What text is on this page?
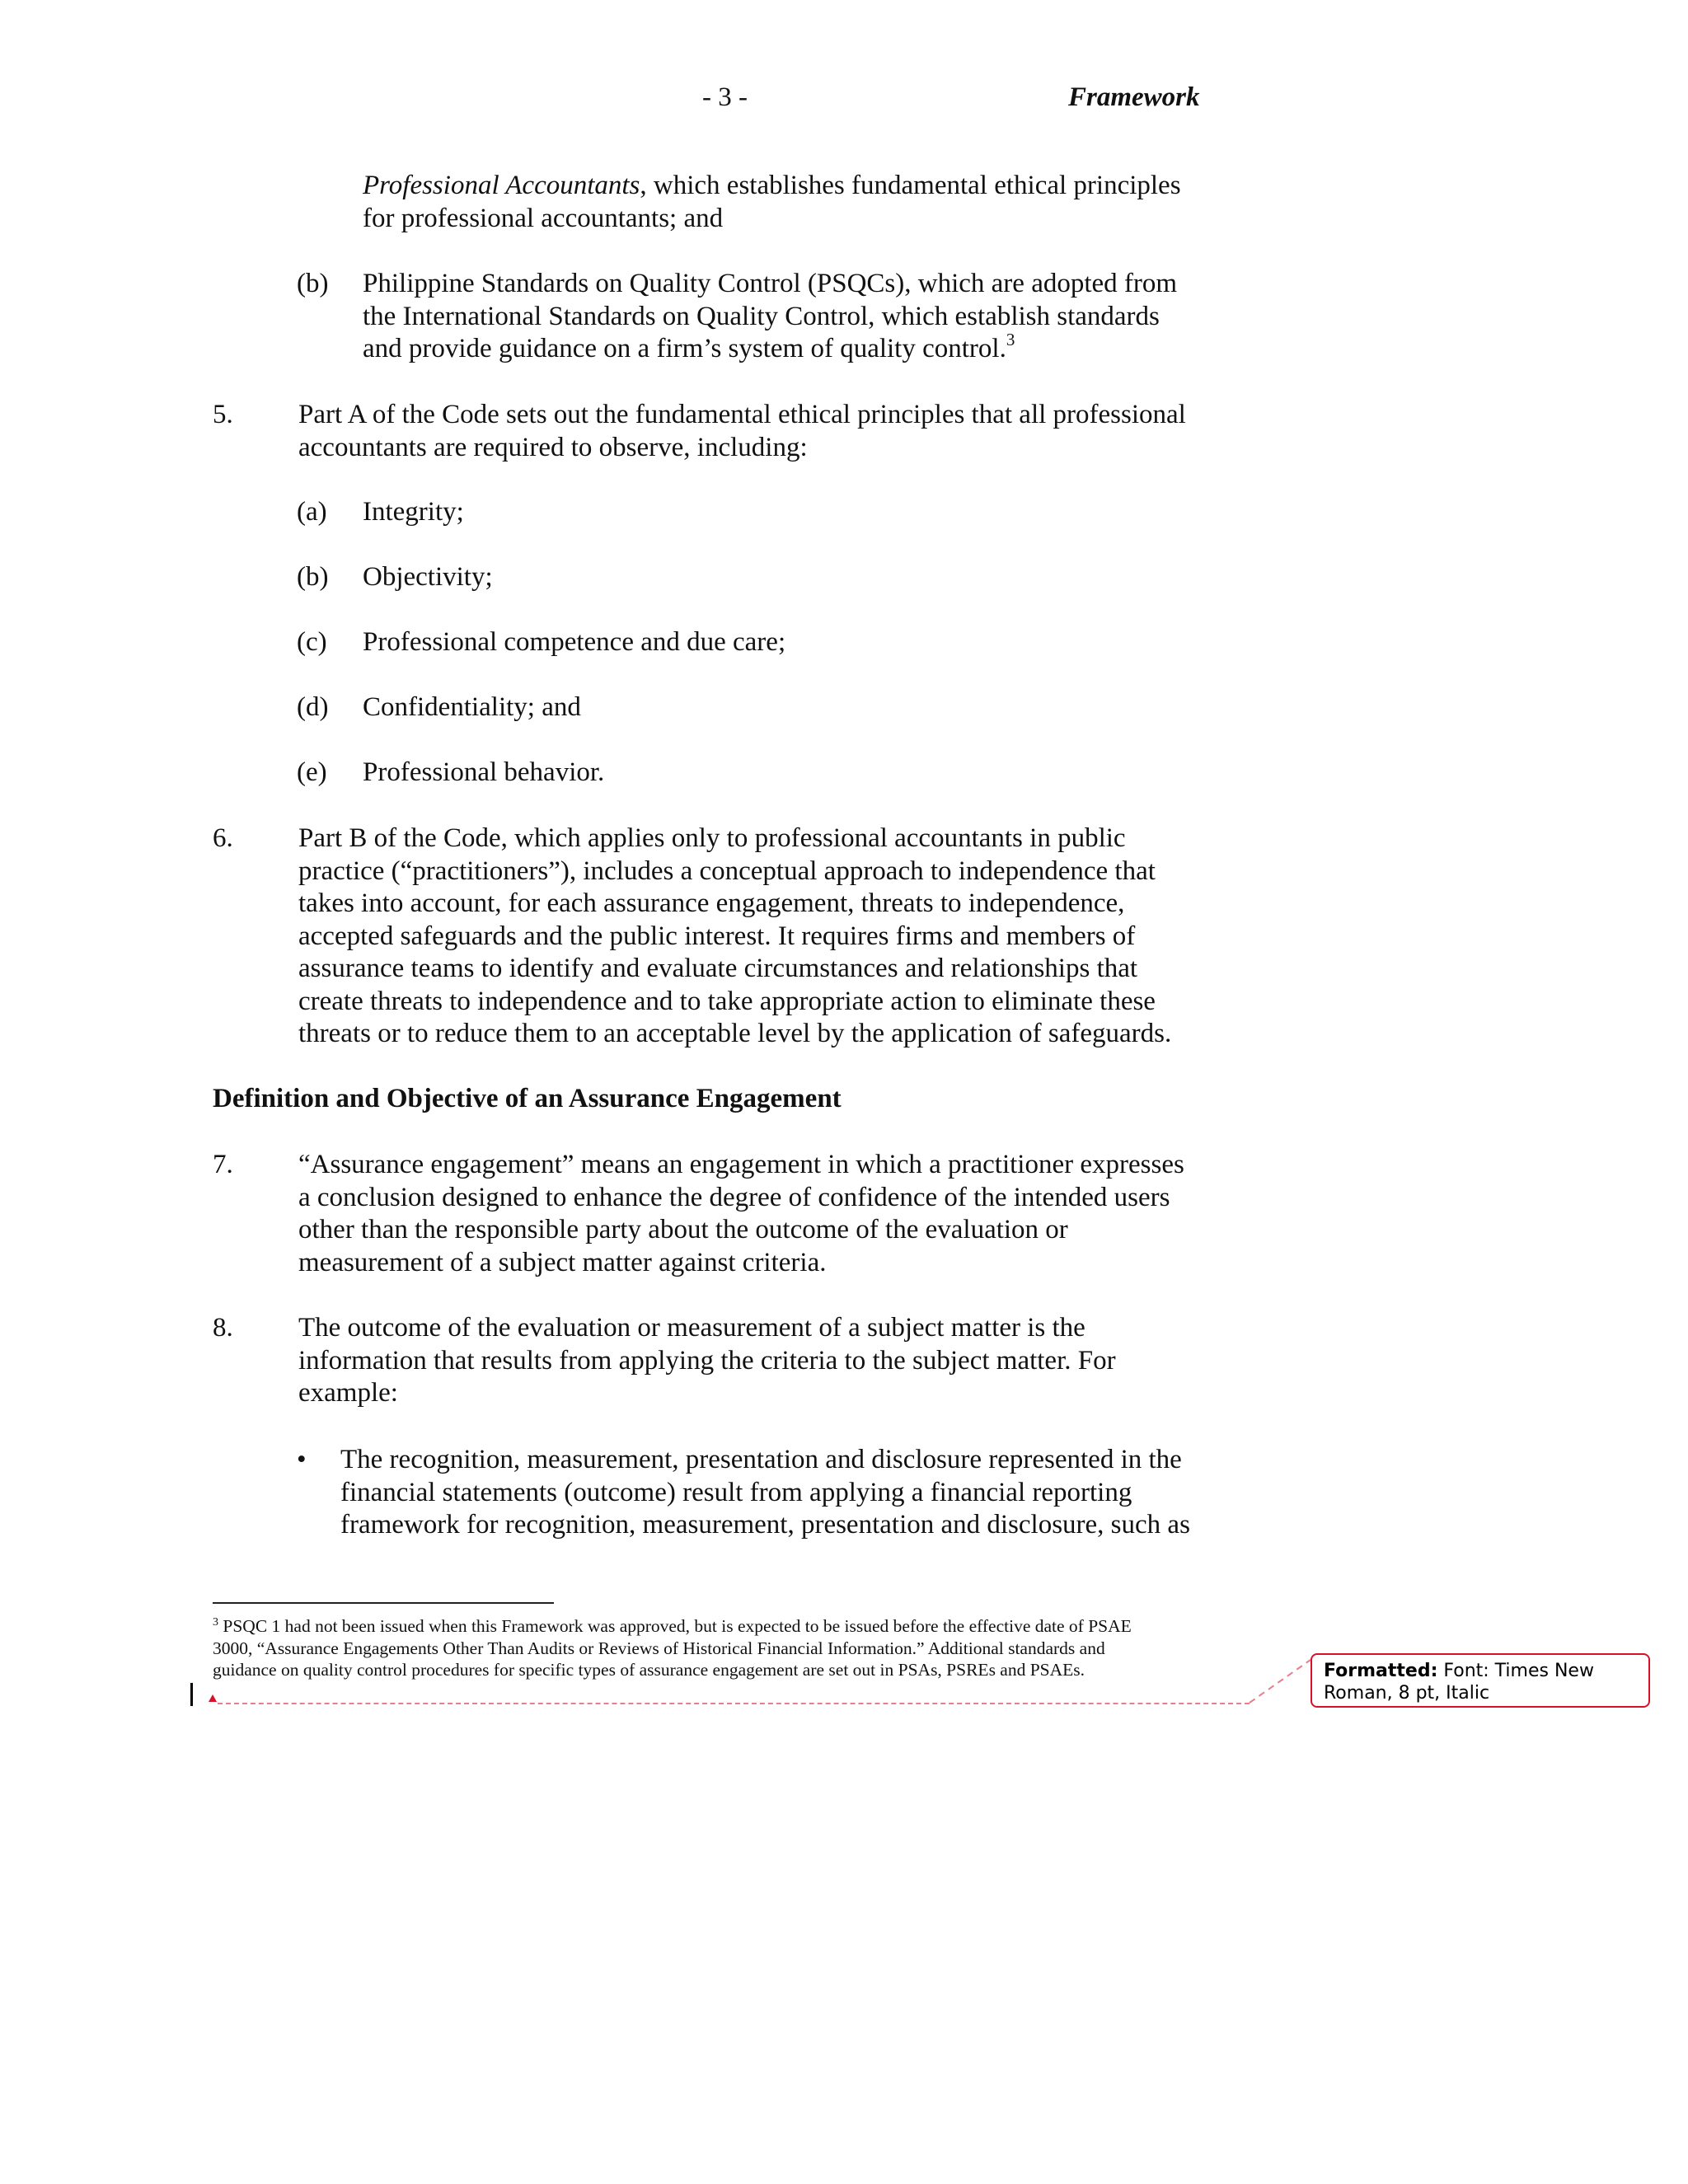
- 3 -	Framework
Professional Accountants, which establishes fundamental ethical principles
for professional accountants; and
(b) Philippine Standards on Quality Control (PSQCs), which are adopted from
the International Standards on Quality Control, which establish standards
and provide guidance on a firm’s system of quality control.$^3$
5. Part A of the Code sets out the fundamental ethical principles that all professional
accountants are required to observe, including:
(a) Integrity;
(b) Objectivity;
(c) Professional competence and due care;
(d) Confidentiality; and
(e) Professional behavior.
6. Part B of the Code, which applies only to professional accountants in public
practice (“practitioners”), includes a conceptual approach to independence that
takes into account, for each assurance engagement, threats to independence,
accepted safeguards and the public interest. It requires firms and members of
assurance teams to identify and evaluate circumstances and relationships that
create threats to independence and to take appropriate action to eliminate these
threats or to reduce them to an acceptable level by the application of safeguards.
Definition and Objective of an Assurance Engagement
7. “Assurance engagement” means an engagement in which a practitioner expresses
a conclusion designed to enhance the degree of confidence of the intended users
other than the responsible party about the outcome of the evaluation or
measurement of a subject matter against criteria.
8. The outcome of the evaluation or measurement of a subject matter is the
information that results from applying the criteria to the subject matter. For
example:
• The recognition, measurement, presentation and disclosure represented in the
financial statements (outcome) result from applying a financial reporting
framework for recognition, measurement, presentation and disclosure, such as
$^3$ PSQC 1 had not been issued when this Framework was approved, but is expected to be issued before the effective date of PSAE
3000, “Assurance Engagements Other Than Audits or Reviews of Historical Financial Information.” Additional standards and
guidance on quality control procedures for specific types of assurance engagement are set out in PSAs, PSREs and PSAEs.	Formatted: Font: Times New
Roman, 8 pt, Italic
